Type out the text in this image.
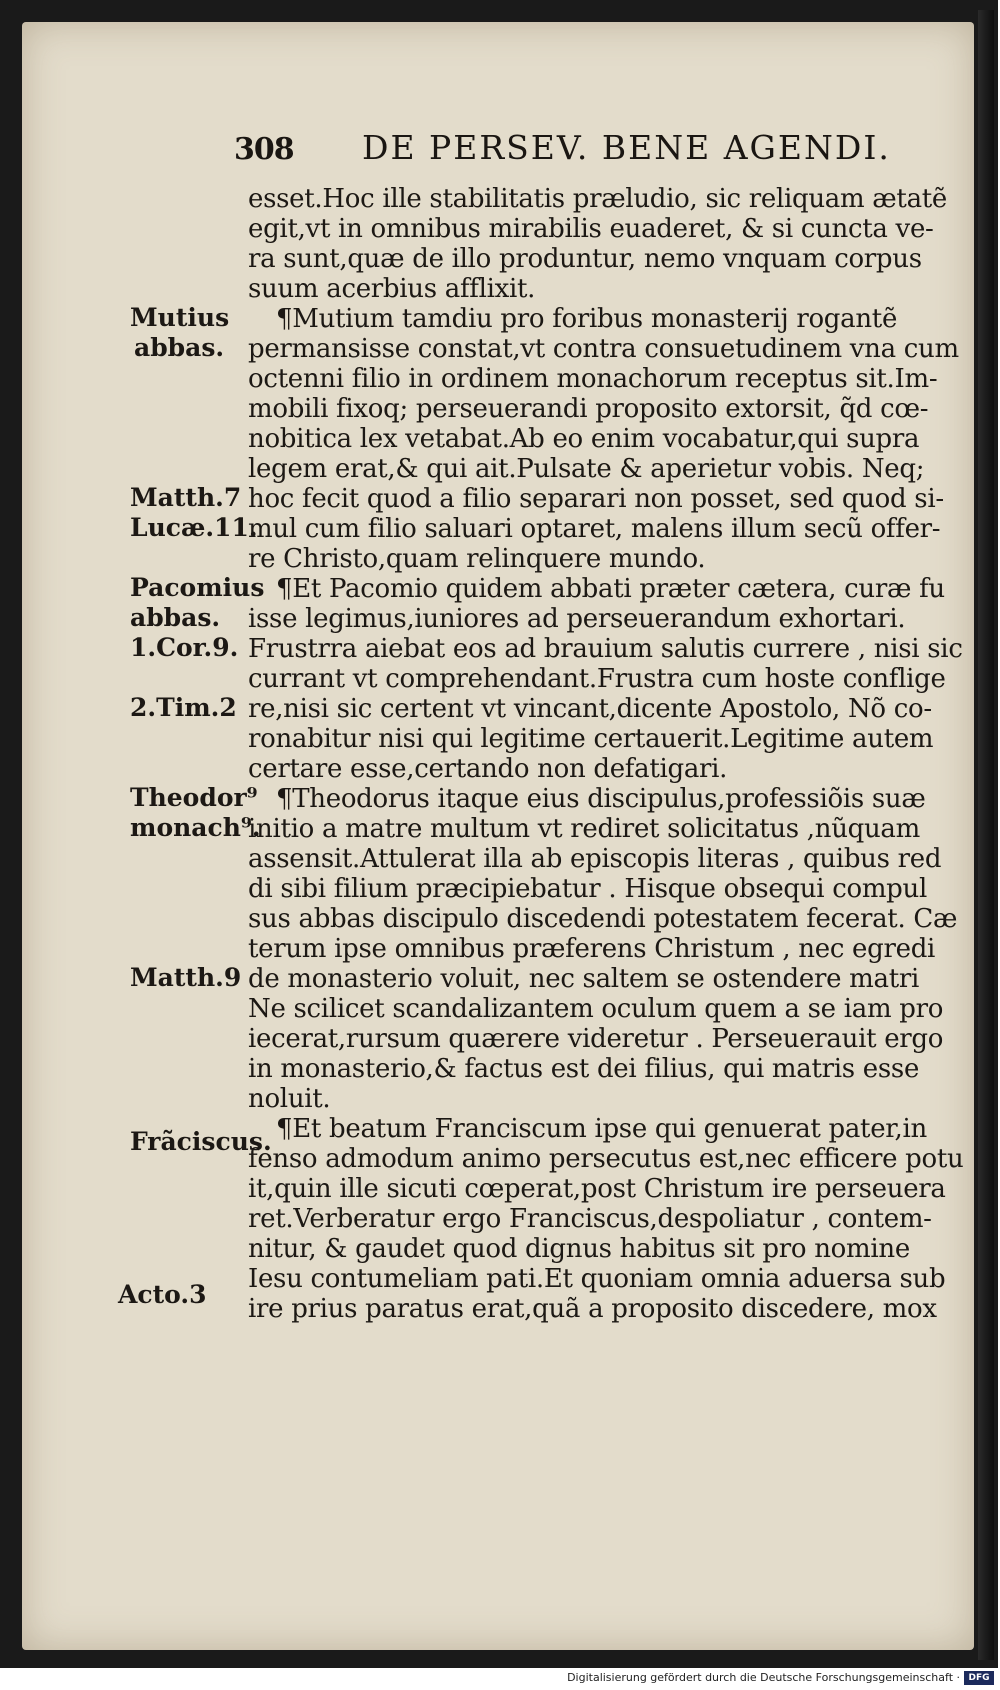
308 DE PERSEV. BENE AGENDI.
esset.Hoc ille stabilitatis præludio, sic reliquam ætatẽ
egit,vt in omnibus mirabilis euaderet, & si cuncta ve-
ra sunt,quæ de illo produntur, nemo vnquam corpus
suum acerbius afflixit.
¶Mutium tamdiu pro foribus monasterij rogantẽ
permansisse constat,vt contra consuetudinem vna cum
octenni filio in ordinem monachorum receptus sit.Im-
mobili fixoq; perseuerandi proposito extorsit, q̃d cœ-
nobitica lex vetabat.Ab eo enim vocabatur,qui supra
legem erat,& qui ait.Pulsate & aperietur vobis. Neq;
hoc fecit quod a filio separari non posset, sed quod si-
mul cum filio saluari optaret, malens illum secũ offer-
re Christo,quam relinquere mundo.
¶Et Pacomio quidem abbati præter cætera, curæ fu
isse legimus,iuniores ad perseuerandum exhortari.
Frustrra aiebat eos ad brauium salutis currere , nisi sic
currant vt comprehendant.Frustra cum hoste conflige
re,nisi sic certent vt vincant,dicente Apostolo, Nõ co-
ronabitur nisi qui legitime certauerit.Legitime autem
certare esse,certando non defatigari.
¶Theodorus itaque eius discipulus,professiõis suæ
initio a matre multum vt rediret solicitatus ,nũquam
assensit.Attulerat illa ab episcopis literas , quibus red
di sibi filium præcipiebatur . Hisque obsequi compul
sus abbas discipulo discedendi potestatem fecerat. Cæ
terum ipse omnibus præferens Christum , nec egredi
de monasterio voluit, nec saltem se ostendere matri
Ne scilicet scandalizantem oculum quem a se iam pro
iecerat,rursum quærere videretur . Perseuerauit ergo
in monasterio,& factus est dei filius, qui matris esse
noluit.
¶Et beatum Franciscum ipse qui genuerat pater,in
fenso admodum animo persecutus est,nec efficere potu
it,quin ille sicuti cœperat,post Christum ire perseuera
ret.Verberatur ergo Franciscus,despoliatur , contem-
nitur, & gaudet quod dignus habitus sit pro nomine
Iesu contumeliam pati.Et quoniam omnia aduersa sub
ire prius paratus erat,quã a proposito discedere, mox
Mutius
abbas.
Matth.7
Lucæ.11.
Pacomius
abbas.
1.Cor.9.
2.Tim.2
Theodor⁹
monach⁹.
Matth.9
Frãciscus.
Acto.3
Digitalisierung gefördert durch die Deutsche Forschungsgemeinschaft · DFG
